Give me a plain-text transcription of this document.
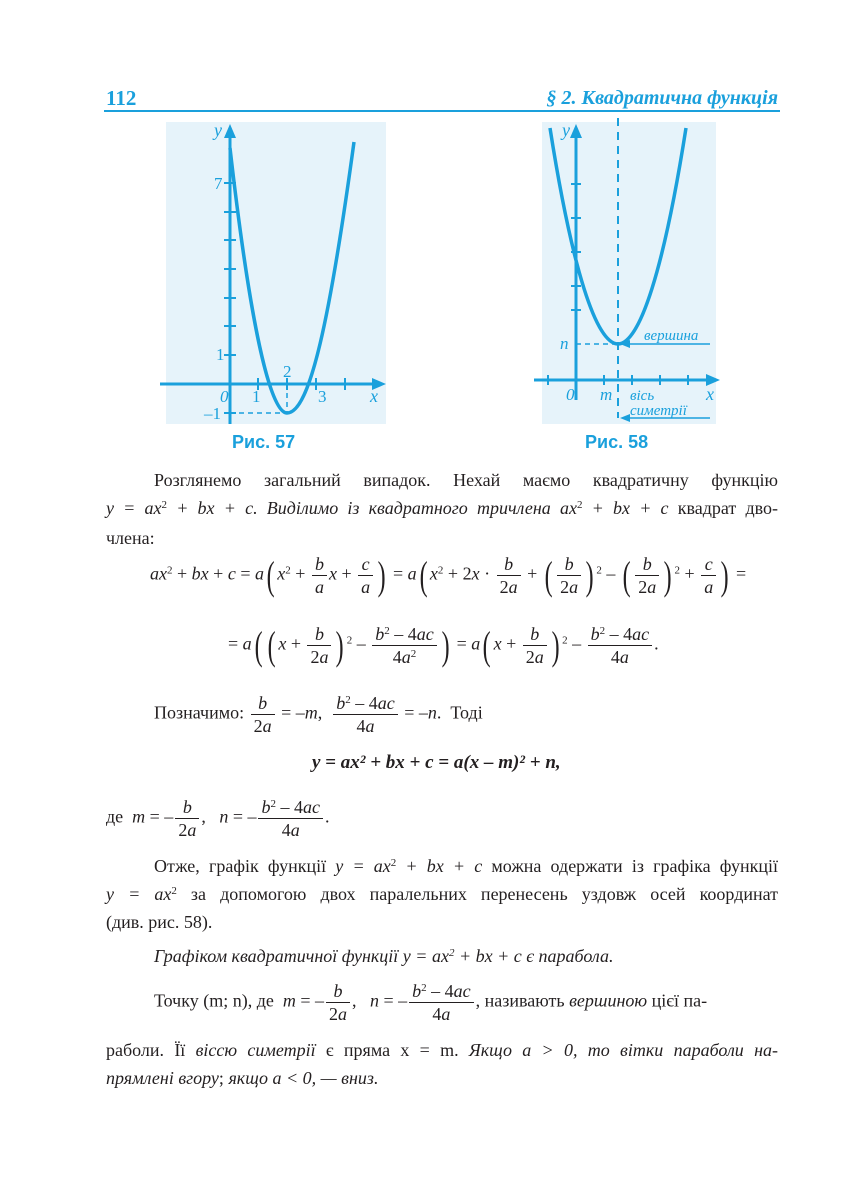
112	§ 2. Квадратична функція
y
x
7
1
–1
0 1
2
3
Рис. 57
y
x
n
0 m
вершина
вісь
симетрії
Рис. 58
Розглянемо загальний випадок. Нехай маємо квадратичну функцію
$y = ax^2$ + bx + c. Виділимо із квадратного тричлена $ax^2$ + bx + c квадрат дво-
члена:
$ax^2$ + bx + c = a( $x^2 + \frac{b}{a}$ $x + \frac{c}{a}$ ) = a( $x^2 + 2x \cdot \frac{b}{2a}$ + ( $\frac{b}{2a}$ ) $^2$ – ( $\frac{b}{2a}$ ) $^2 + \frac{c}{a}$ ) =
= a( ( $x + \frac{b}{2a}$ ) $^2 - \frac{b^2 - 4ac}{4a^2}$ ) = a( $x + \frac{b}{2a}$ ) $^2 - \frac{b^2 - 4ac}{4a}$ .
Позначимо: $\frac{b}{2a} = -m$, $\frac{b^2 - 4ac}{4a} = -n$.  Тоді
y = ax² + bx + c = a(x – m)² + n,
де m = – $\frac{b}{2a}$ ,   n = – $\frac{b^2 - 4ac}{4a}$ .
Отже, графік функції $y = ax^2$ + bx + c можна одержати із графіка функції
$y = ax^2$ за допомогою двох паралельних перенесень уздовж осей координат
(див. рис. 58).
Графіком квадратичної функції $y = ax^2$ + bx + c є парабола.
Точку (m; n), де m = – $\frac{b}{2a}$ ,   n = – $\frac{b^2 - 4ac}{4a}$ , називають вершиною цієї па-
раболи. Її віссю симетрії є пряма x = m. Якщо a > 0, то вітки параболи на-
прямлені вгору; якщо a < 0, — вниз.
